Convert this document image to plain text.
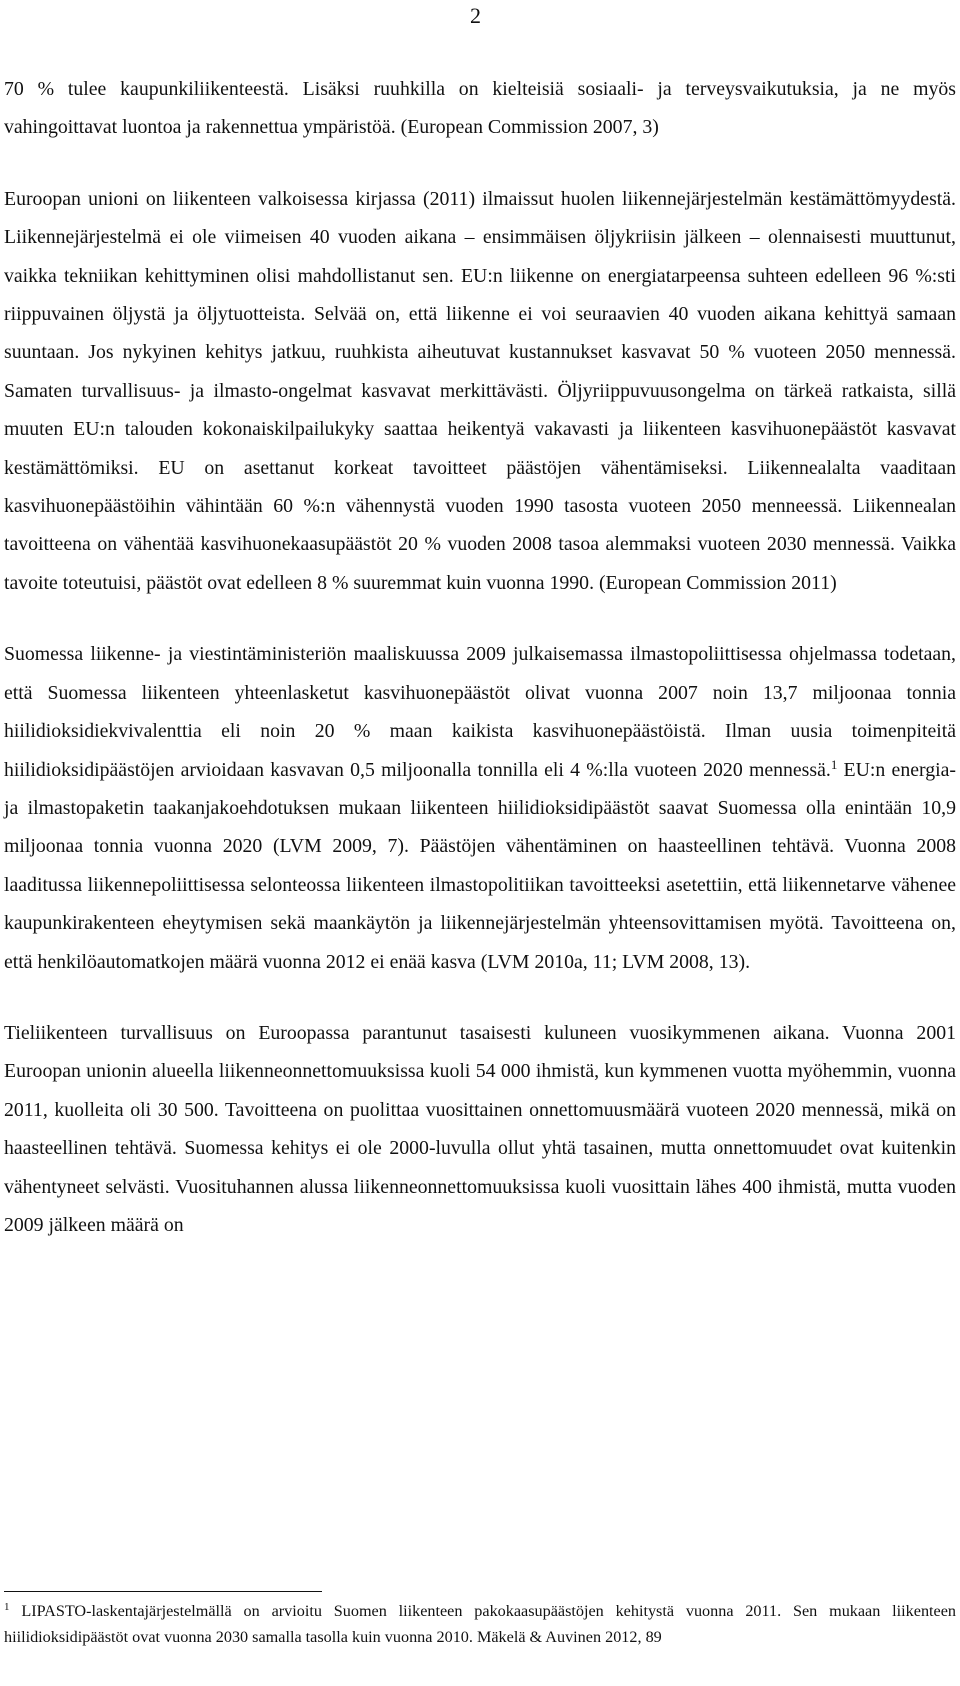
2

70 % tulee kaupunkiliikenteestä. Lisäksi ruuhkilla on kielteisiä sosiaali- ja terveysvaikutuksia, ja ne myös vahingoittavat luontoa ja rakennettua ympäristöä. (European Commission 2007, 3)

Euroopan unioni on liikenteen valkoisessa kirjassa (2011) ilmaissut huolen liikennejärjestelmän kestämättömyydestä. Liikennejärjestelmä ei ole viimeisen 40 vuoden aikana – ensimmäisen öljykriisin jälkeen – olennaisesti muuttunut, vaikka tekniikan kehittyminen olisi mahdollistanut sen. EU:n liikenne on energiatarpeensa suhteen edelleen 96 %:sti riippuvainen öljystä ja öljytuotteista. Selvää on, että liikenne ei voi seuraavien 40 vuoden aikana kehittyä samaan suuntaan. Jos nykyinen kehitys jatkuu, ruuhkista aiheutuvat kustannukset kasvavat 50 % vuoteen 2050 mennessä. Samaten turvallisuus- ja ilmasto-ongelmat kasvavat merkittävästi. Öljyriippuvuusongelma on tärkeä ratkaista, sillä muuten EU:n talouden kokonaiskilpailukyky saattaa heikentyä vakavasti ja liikenteen kasvihuonepäästöt kasvavat kestämättömiksi. EU on asettanut korkeat tavoitteet päästöjen vähentämiseksi. Liikennealalta vaaditaan kasvihuonepäästöihin vähintään 60 %:n vähennystä vuoden 1990 tasosta vuoteen 2050 menneessä. Liikennealan tavoitteena on vähentää kasvihuonekaasupäästöt 20 % vuoden 2008 tasoa alemmaksi vuoteen 2030 mennessä. Vaikka tavoite toteutuisi, päästöt ovat edelleen 8 % suuremmat kuin vuonna 1990. (European Commission 2011)

Suomessa liikenne- ja viestintäministeriön maaliskuussa 2009 julkaisemassa ilmastopoliittisessa ohjelmassa todetaan, että Suomessa liikenteen yhteenlasketut kasvihuonepäästöt olivat vuonna 2007 noin 13,7 miljoonaa tonnia hiilidioksidiekvivalenttia eli noin 20 % maan kaikista kasvihuonepäästöistä. Ilman uusia toimenpiteitä hiilidioksidipäästöjen arvioidaan kasvavan 0,5 miljoonalla tonnilla eli 4 %:lla vuoteen 2020 mennessä.$^1$ EU:n energia- ja ilmastopaketin taakanjakoehdotuksen mukaan liikenteen hiilidioksidipäästöt saavat Suomessa olla enintään 10,9 miljoonaa tonnia vuonna 2020 (LVM 2009, 7). Päästöjen vähentäminen on haasteellinen tehtävä. Vuonna 2008 laaditussa liikennepoliittisessa selonteossa liikenteen ilmastopolitiikan tavoitteeksi asetettiin, että liikennetarve vähenee kaupunkirakenteen eheytymisen sekä maankäytön ja liikennejärjestelmän yhteensovittamisen myötä. Tavoitteena on, että henkilöautomatkojen määrä vuonna 2012 ei enää kasva (LVM 2010a, 11; LVM 2008, 13).

Tieliikenteen turvallisuus on Euroopassa parantunut tasaisesti kuluneen vuosikymmenen aikana. Vuonna 2001 Euroopan unionin alueella liikenneonnettomuuksissa kuoli 54 000 ihmistä, kun kymmenen vuotta myöhemmin, vuonna 2011, kuolleita oli 30 500. Tavoitteena on puolittaa vuosittainen onnettomuusmäärä vuoteen 2020 mennessä, mikä on haasteellinen tehtävä. Suomessa kehitys ei ole 2000-luvulla ollut yhtä tasainen, mutta onnettomuudet ovat kuitenkin vähentyneet selvästi. Vuosituhannen alussa liikenneonnettomuuksissa kuoli vuosittain lähes 400 ihmistä, mutta vuoden 2009 jälkeen määrä on

$^1$ LIPASTO-laskentajärjestelmällä on arvioitu Suomen liikenteen pakokaasupäästöjen kehitystä vuonna 2011. Sen mukaan liikenteen hiilidioksidipäästöt ovat vuonna 2030 samalla tasolla kuin vuonna 2010. Mäkelä & Auvinen 2012, 89
